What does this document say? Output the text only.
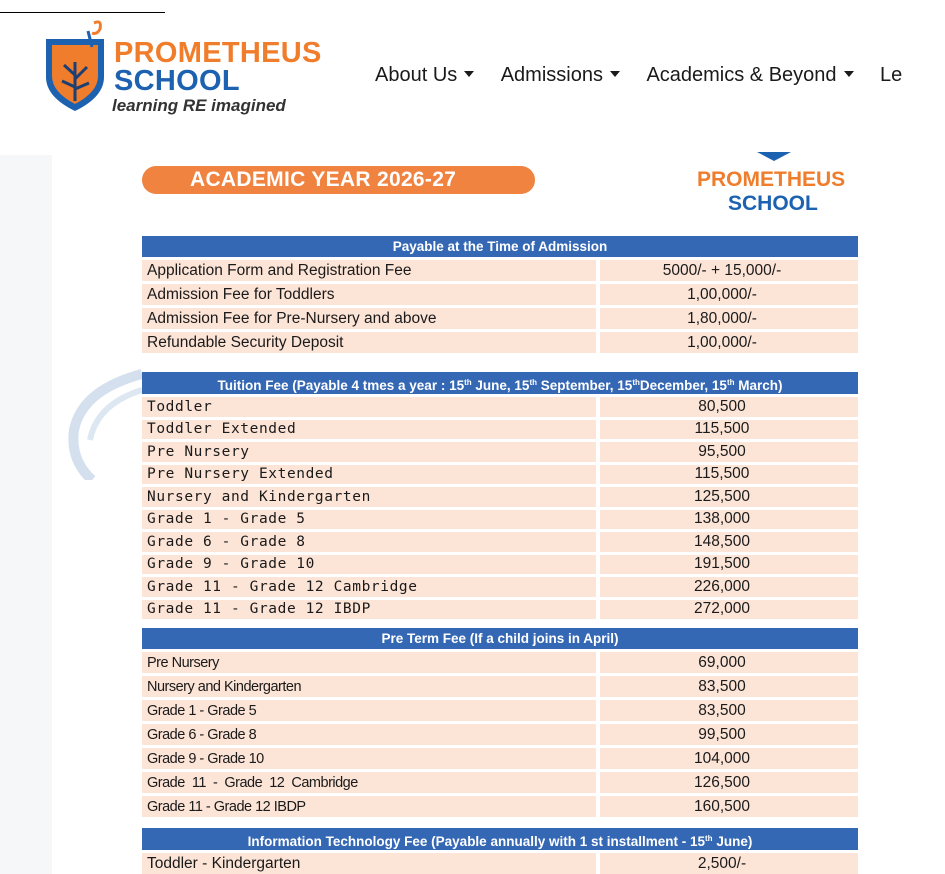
PROMETHEUS
SCHOOL
learning RE imagined
About Us Admissions Academics & Beyond Le
ACADEMIC YEAR 2026-27	PROMETHEUS
SCHOOL
Payable at the Time of Admission
Application Form and Registration Fee	5000/- + 15,000/-
Admission Fee for Toddlers	1,00,000/-
Admission Fee for Pre-Nursery and above	1,80,000/-
Refundable Security Deposit	1,00,000/-
Tuition Fee (Payable 4 tmes a year : 15th June, 15th September, 15thDecember, 15th March)
Toddler	80,500
Toddler Extended	115,500
Pre Nursery	95,500
Pre Nursery Extended	115,500
Nursery and Kindergarten	125,500
Grade 1 - Grade 5	138,000
Grade 6 - Grade 8	148,500
Grade 9 - Grade 10	191,500
Grade 11 - Grade 12 Cambridge	226,000
Grade 11 - Grade 12 IBDP	272,000
Pre Term Fee (If a child joins in April)
Pre Nursery	69,000
Nursery and Kindergarten	83,500
Grade 1 - Grade 5	83,500
Grade 6 - Grade 8	99,500
Grade 9 - Grade 10	104,000
Grade  11  -  Grade  12  Cambridge	126,500
Grade 11 - Grade 12 IBDP	160,500
Information Technology Fee (Payable annually with 1 st installment - 15th June)
Toddler - Kindergarten	2,500/-
